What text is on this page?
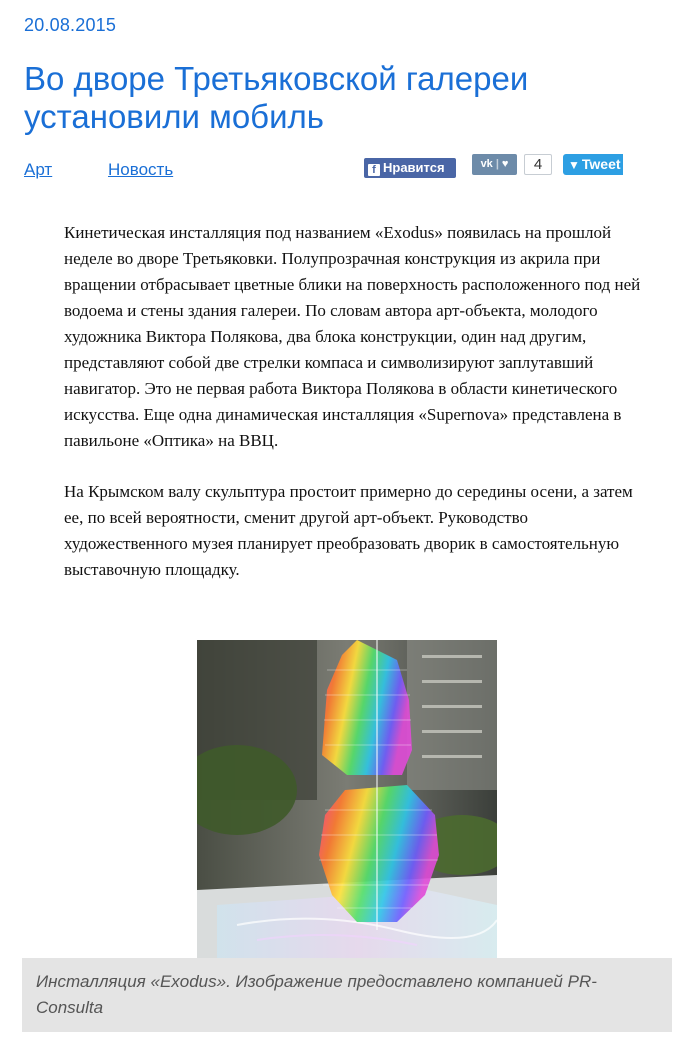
20.08.2015
Во дворе Третьяковской галереи установили мобиль
Арт	Новость	f Нравится	vk | ♥	4	▼ Tweet

Кинетическая инсталляция под названием «Exodus» появилась на прошлой неделе во дворе Третьяковки. Полупрозрачная конструкция из акрила при вращении отбрасывает цветные блики на поверхность расположенного под ней водоема и стены здания галереи. По словам автора арт-объекта, молодого художника Виктора Полякова, два блока конструкции, один над другим, представляют собой две стрелки компаса и символизируют заплутавший навигатор. Это не первая работа Виктора Полякова в области кинетического искусства. Еще одна динамическая инсталляция «Supernova» представлена в павильоне «Оптика» на ВВЦ.

На Крымском валу скульптура простоит примерно до середины осени, а затем ее, по всей вероятности, сменит другой арт-объект. Руководство художественного музея планирует преобразовать дворик в самостоятельную выставочную площадку.

Инсталляция «Exodus». Изображение предоставлено компанией PR-Consulta
